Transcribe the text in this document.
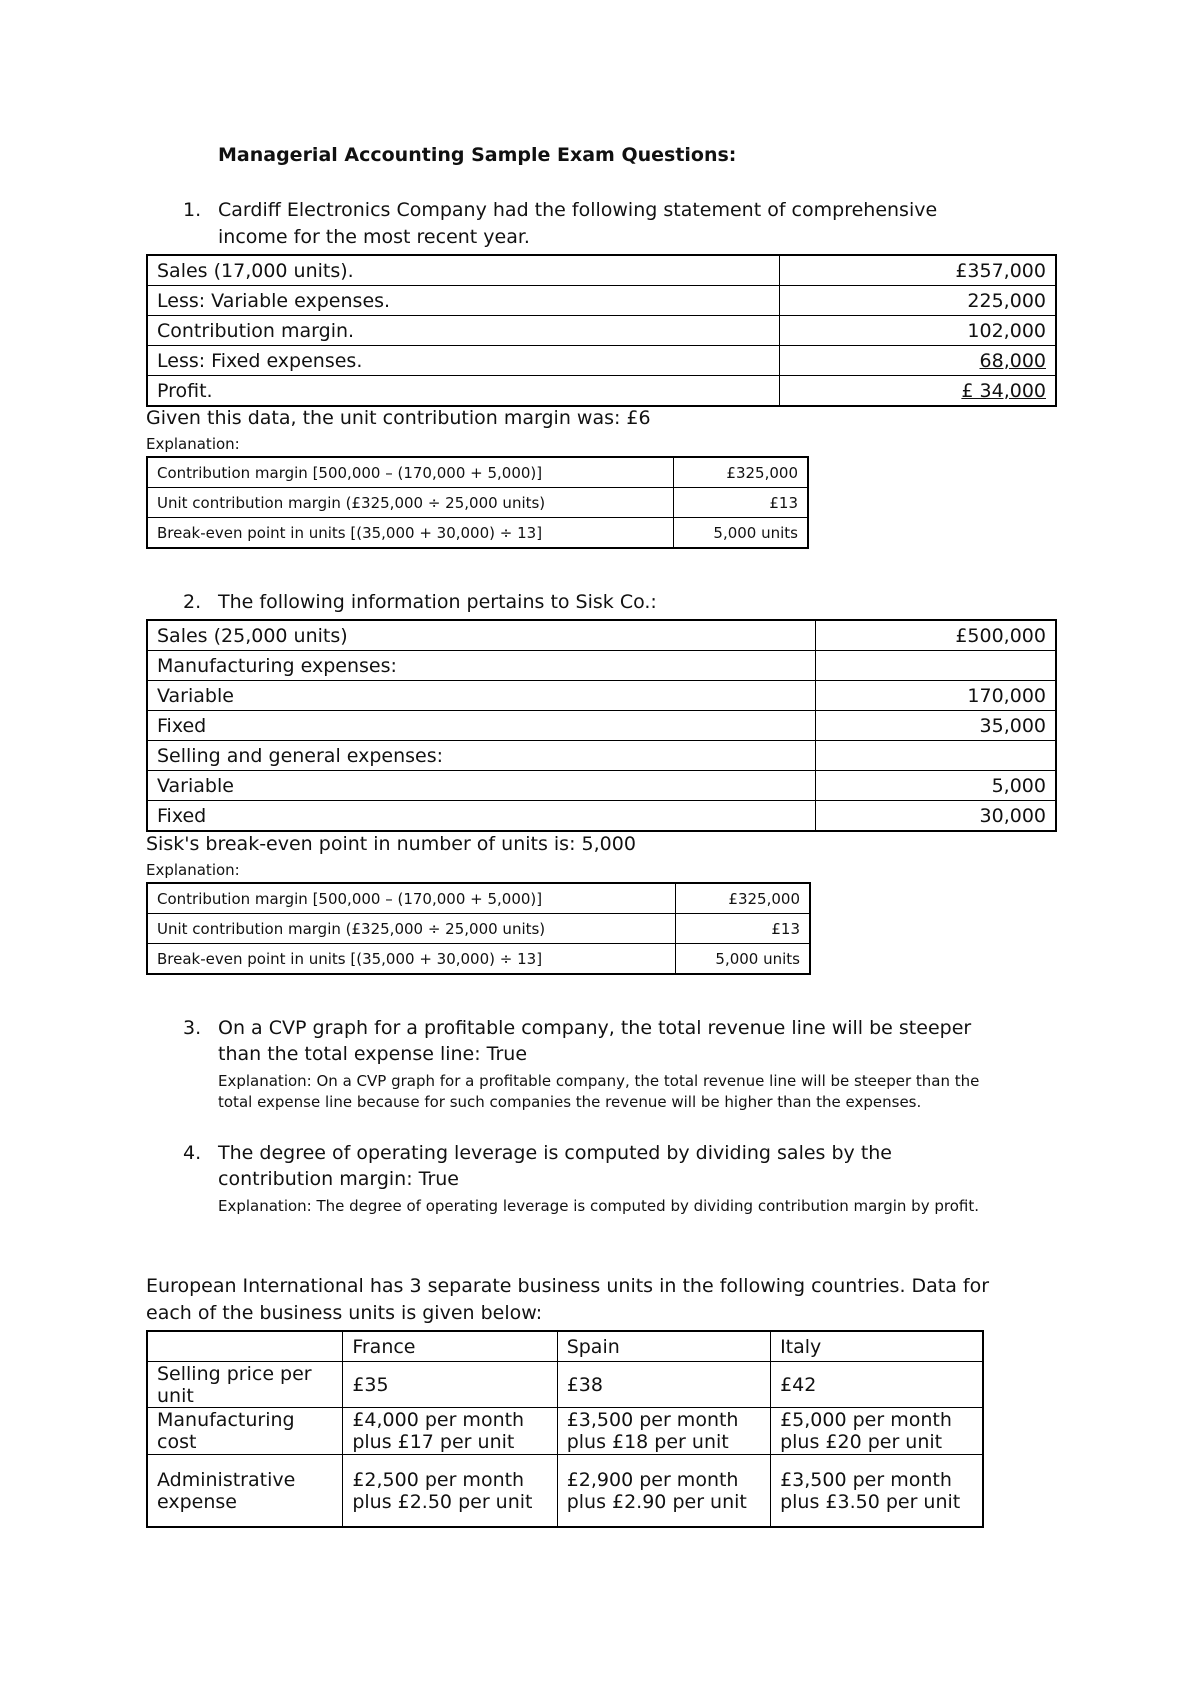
Managerial Accounting Sample Exam Questions:
1. Cardiff Electronics Company had the following statement of comprehensive
income for the most recent year.
Sales (17,000 units).	£357,000
Less: Variable expenses.	225,000
Contribution margin.	102,000
Less: Fixed expenses.	68,000
Profit.	£ 34,000
Given this data, the unit contribution margin was: £6
Explanation:
Contribution margin [500,000 – (170,000 + 5,000)]	£325,000
Unit contribution margin (£325,000 ÷ 25,000 units)	£13
Break-even point in units [(35,000 + 30,000) ÷ 13]	5,000 units
2. The following information pertains to Sisk Co.:
Sales (25,000 units)	£500,000
Manufacturing expenses:	
Variable	170,000
Fixed	35,000
Selling and general expenses:	
Variable	5,000
Fixed	30,000
Sisk's break-even point in number of units is: 5,000
Explanation:
Contribution margin [500,000 – (170,000 + 5,000)]	£325,000
Unit contribution margin (£325,000 ÷ 25,000 units)	£13
Break-even point in units [(35,000 + 30,000) ÷ 13]	5,000 units
3. On a CVP graph for a profitable company, the total revenue line will be steeper
than the total expense line: True
Explanation: On a CVP graph for a profitable company, the total revenue line will be steeper than the
total expense line because for such companies the revenue will be higher than the expenses.
4. The degree of operating leverage is computed by dividing sales by the
contribution margin: True
Explanation: The degree of operating leverage is computed by dividing contribution margin by profit.
European International has 3 separate business units in the following countries. Data for
each of the business units is given below:
	France	Spain	Italy
Selling price per unit	£35	£38	£42
Manufacturing cost	£4,000 per month plus £17 per unit	£3,500 per month plus £18 per unit	£5,000 per month plus £20 per unit
Administrative expense	£2,500 per month plus £2.50 per unit	£2,900 per month plus £2.90 per unit	£3,500 per month plus £3.50 per unit
